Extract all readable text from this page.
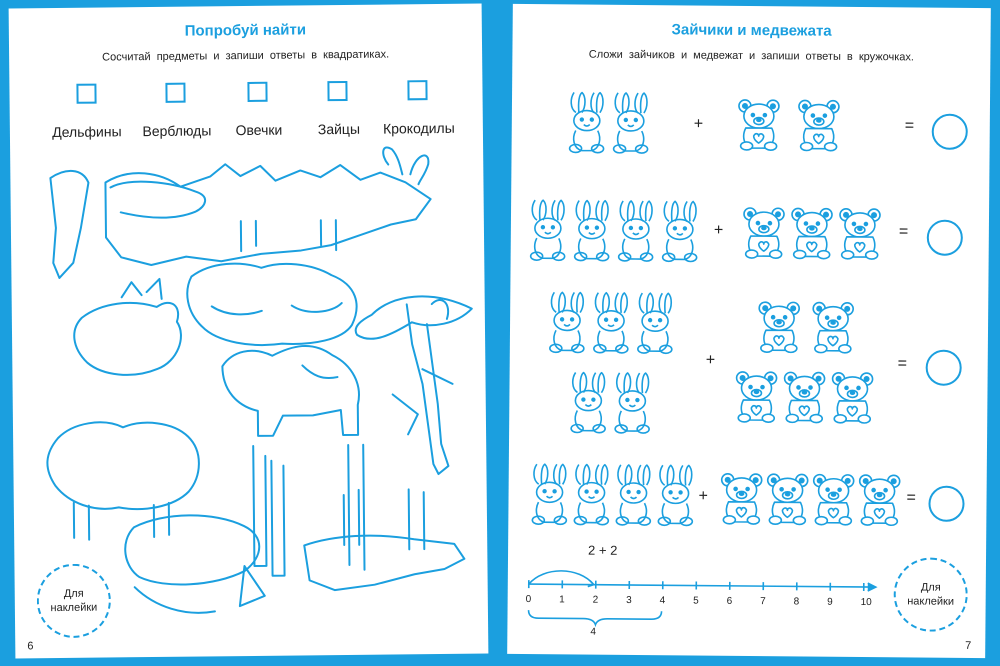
Попробуй найти
Сосчитай предметы и запиши ответы в квадратиках.
Дельфины	Верблюды	Овечки	Зайцы	Крокодилы
Для
наклейки
6
Зайчики и медвежата
Сложи зайчиков и медвежат и запиши ответы в кружочках.
+	=
+	=
+	=
+	=
2 + 2
0	1	2	3	4	5	6	7	8	9	10
4
Для
наклейки
7
